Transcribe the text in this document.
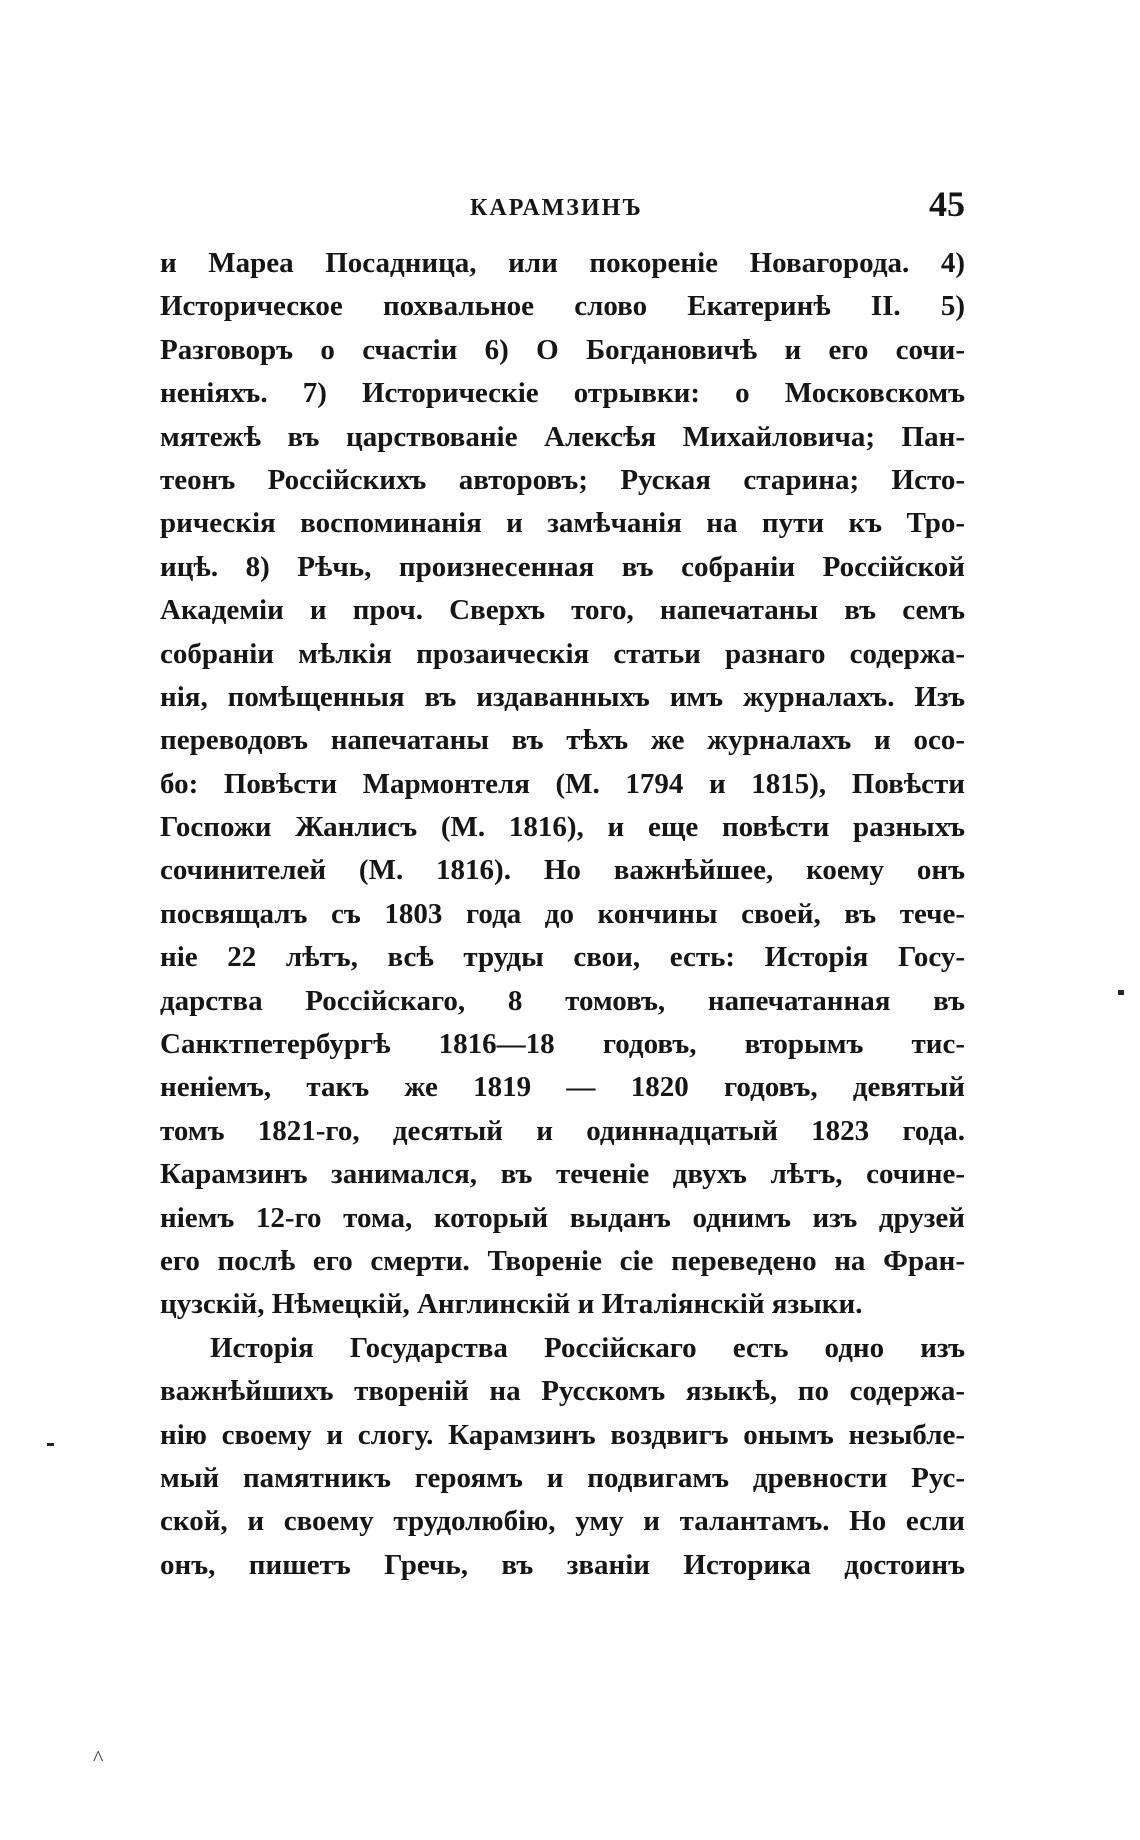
КАРАМЗИНЪ	45
и Мареа Посадница, или покореніе Новагорода. 4)
Историческое похвальное слово Екатеринѣ II. 5)
Разговоръ о счастіи 6) О Богдановичѣ и его сочи-
неніяхъ. 7) Историческіе отрывки: о Московскомъ
мятежѣ въ царствованіе Алексѣя Михайловича; Пан-
теонъ Россійскихъ авторовъ; Руская старина; Исто-
рическія воспоминанія и замѣчанія на пути къ Тро-
ицѣ. 8) Рѣчь, произнесенная въ собраніи Россійской
Академіи и проч. Сверхъ того, напечатаны въ семъ
собраніи мѣлкія прозаическія статьи разнаго содержа-
нія, помѣщенныя въ издаванныхъ имъ журналахъ. Изъ
переводовъ напечатаны въ тѣхъ же журналахъ и осо-
бо: Повѣсти Мармонтеля (М. 1794 и 1815), Повѣсти
Госпожи Жанлисъ (М. 1816), и еще повѣсти разныхъ
сочинителей (М. 1816). Но важнѣйшее, коему онъ
посвящалъ съ 1803 года до кончины своей, въ тече-
ніе 22 лѣтъ, всѣ труды свои, есть: Исторія Госу-
дарства Россійскаго, 8 томовъ, напечатанная въ
Санктпетербургѣ 1816—18 годовъ, вторымъ тис-
неніемъ, такъ же 1819 — 1820 годовъ, девятый
томъ 1821-го, десятый и одиннадцатый 1823 года.
Карамзинъ занимался, въ теченіе двухъ лѣтъ, сочине-
ніемъ 12-го тома, который выданъ однимъ изъ друзей
его послѣ его смерти. Твореніе сіе переведено на Фран-
цузскій, Нѣмецкій, Англинскій и Италіянскій языки.
Исторія Государства Россійскаго есть одно изъ
важнѣйшихъ твореній на Русскомъ языкѣ, по содержа-
нію своему и слогу. Карамзинъ воздвигъ онымъ незыбле-
мый памятникъ героямъ и подвигамъ древности Рус-
ской, и своему трудолюбію, уму и талантамъ. Но если
онъ, пишетъ Гречь, въ званіи Историка достоинъ
^
